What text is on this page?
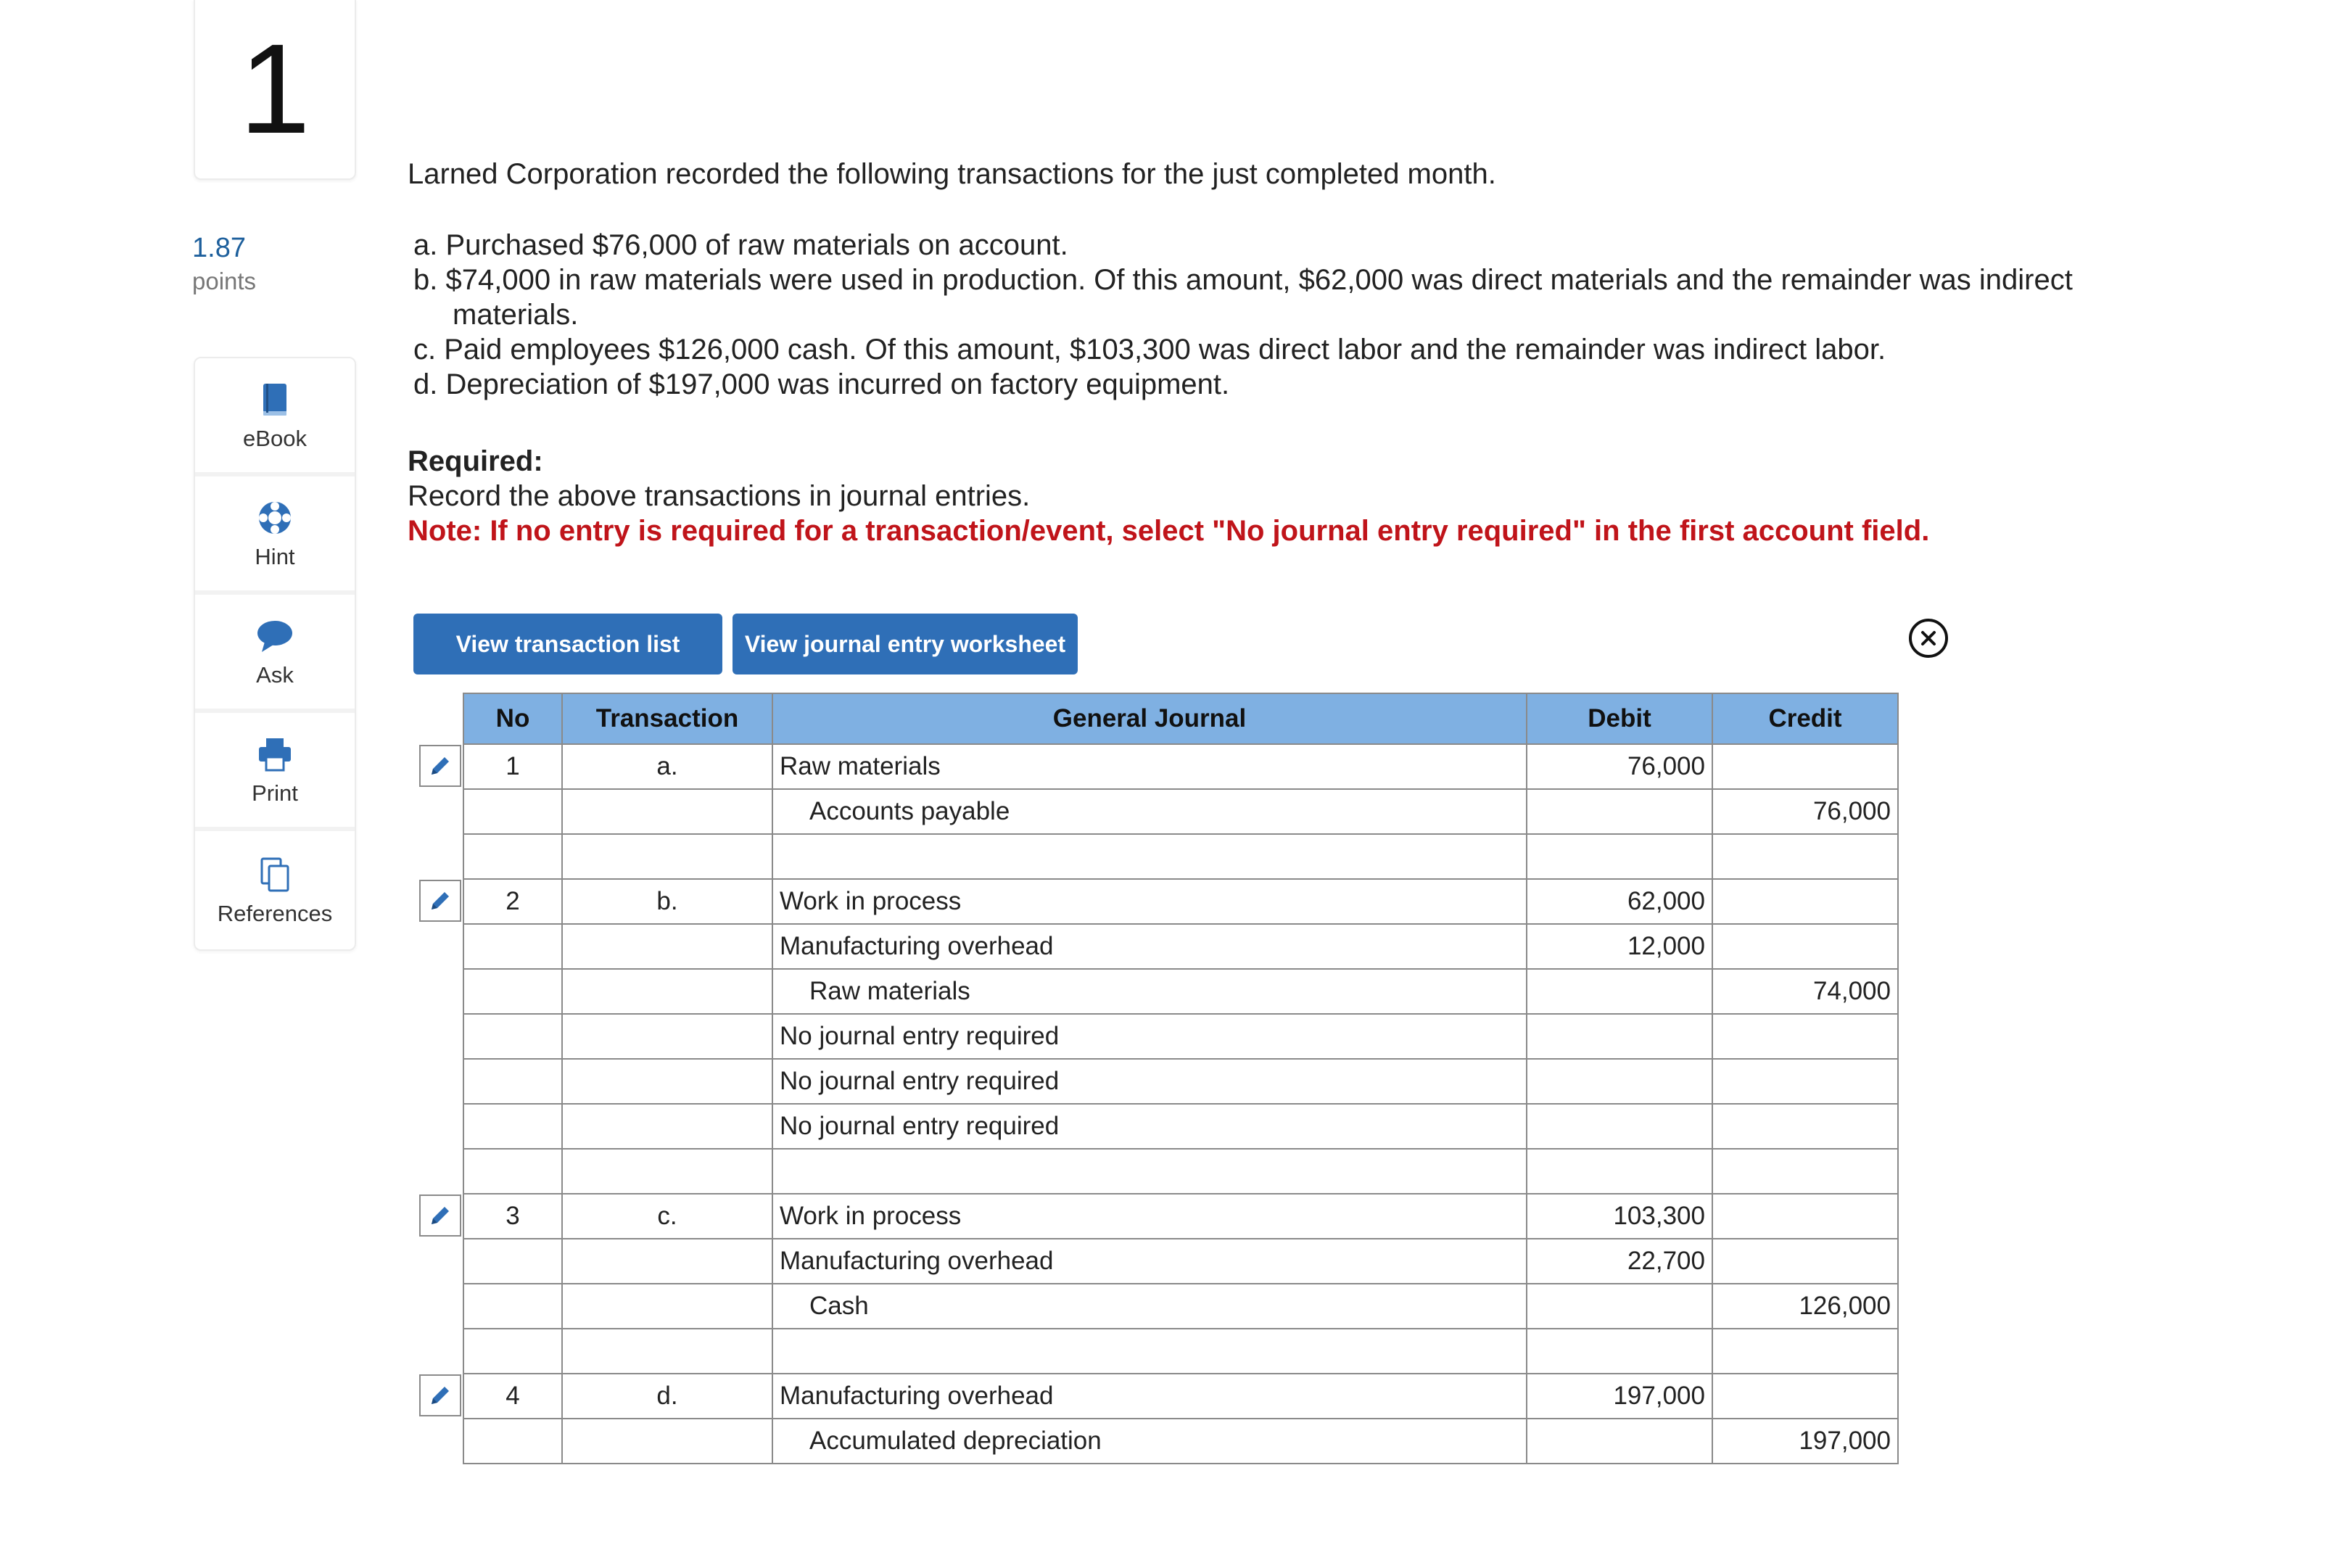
1
1.87
points
eBook
Hint
Ask
Print
References
Larned Corporation recorded the following transactions for the just completed month.
a. Purchased $76,000 of raw materials on account.
b. $74,000 in raw materials were used in production. Of this amount, $62,000 was direct materials and the remainder was indirect materials.
c. Paid employees $126,000 cash. Of this amount, $103,300 was direct labor and the remainder was indirect labor.
d. Depreciation of $197,000 was incurred on factory equipment.
Required:
Record the above transactions in journal entries.
Note: If no entry is required for a transaction/event, select "No journal entry required" in the first account field.
View transaction list	View journal entry worksheet
No	Transaction	General Journal	Debit	Credit
1	a.	Raw materials	76,000	
		Accounts payable		76,000

2	b.	Work in process	62,000	
		Manufacturing overhead	12,000	
		Raw materials		74,000
		No journal entry required		
		No journal entry required		
		No journal entry required		

3	c.	Work in process	103,300	
		Manufacturing overhead	22,700	
		Cash		126,000

4	d.	Manufacturing overhead	197,000	
		Accumulated depreciation		197,000
